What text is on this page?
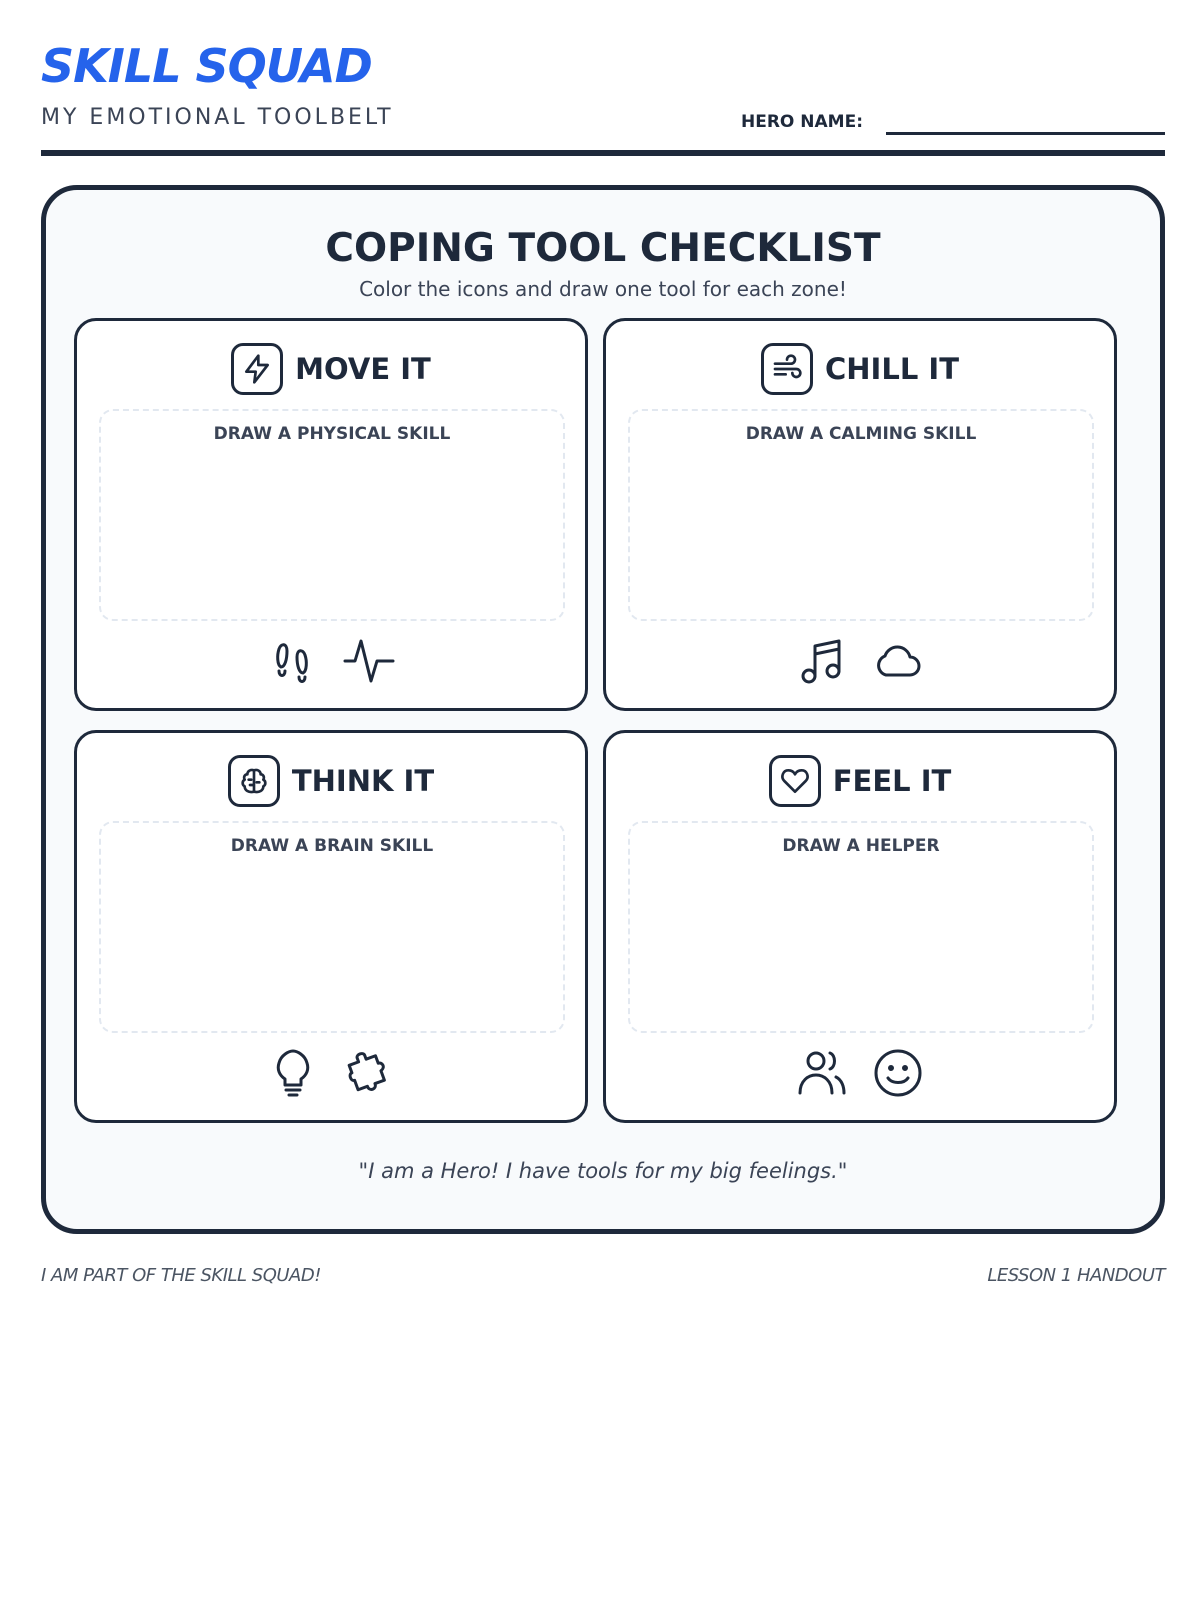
SKILL SQUAD
MY EMOTIONAL TOOLBELT	HERO NAME:
COPING TOOL CHECKLIST
Color the icons and draw one tool for each zone!
MOVE IT
DRAW A PHYSICAL SKILL
CHILL IT
DRAW A CALMING SKILL
THINK IT
DRAW A BRAIN SKILL
FEEL IT
DRAW A HELPER
"I am a Hero! I have tools for my big feelings."
I AM PART OF THE SKILL SQUAD!	LESSON 1 HANDOUT
